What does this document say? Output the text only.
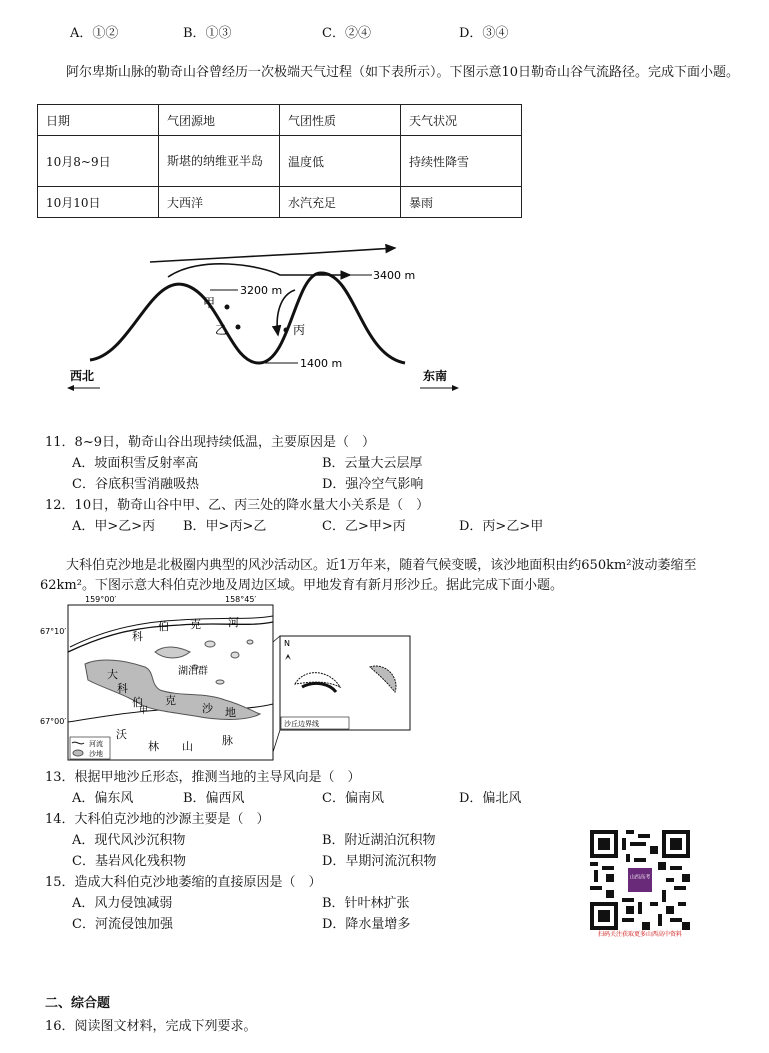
A．①②	B．①③	C．②④	D．③④
阿尔卑斯山脉的勒奇山谷曾经历一次极端天气过程（如下表所示）。下图示意10日勒奇山谷气流路径。完成下面小题。
日期	气团源地	气团性质	天气状况
10月8~9日	斯堪的纳维亚半岛	温度低	持续性降雪
10月10日	大西洋	水汽充足	暴雨
3200 m
3400 m
1400 m
甲
乙	丙
西北	东南
11．8~9日，勒奇山谷出现持续低温，主要原因是（　）
A．坡面积雪反射率高	B．云量大云层厚
C．谷底积雪消融吸热	D．强冷空气影响
12．10日，勒奇山谷中甲、乙、丙三处的降水量大小关系是（　）
A．甲>乙>丙 B．甲>丙>乙	C．乙>甲>丙	D．丙>乙>甲
大科伯克沙地是北极圈内典型的风沙活动区。近1万年来，随着气候变暖，该沙地面积由约650km²波动萎缩至62km²。下图示意大科伯克沙地及周边区域。甲地发育有新月形沙丘。据此完成下面小题。
159°00′	158°45′
67°10′
67°00′
科
伯 克 河
湖泊群
大
科
伯 克
沙 地
甲
沃
林 山	脉
河流
沙地
N
沙丘边界线
13．根据甲地沙丘形态，推测当地的主导风向是（　）
A．偏东风	B．偏西风	C．偏南风	D．偏北风
14．大科伯克沙地的沙源主要是（　）
A．现代风沙沉积物	B．附近湖泊沉积物
C．基岩风化残积物	D．早期河流沉积物
15．造成大科伯克沙地萎缩的直接原因是（　）
A．风力侵蚀减弱	B．针叶林扩张
C．河流侵蚀加强	D．降水量增多
山西高考
扫码关注获取更多山西高中资料
二、综合题
16．阅读图文材料，完成下列要求。
